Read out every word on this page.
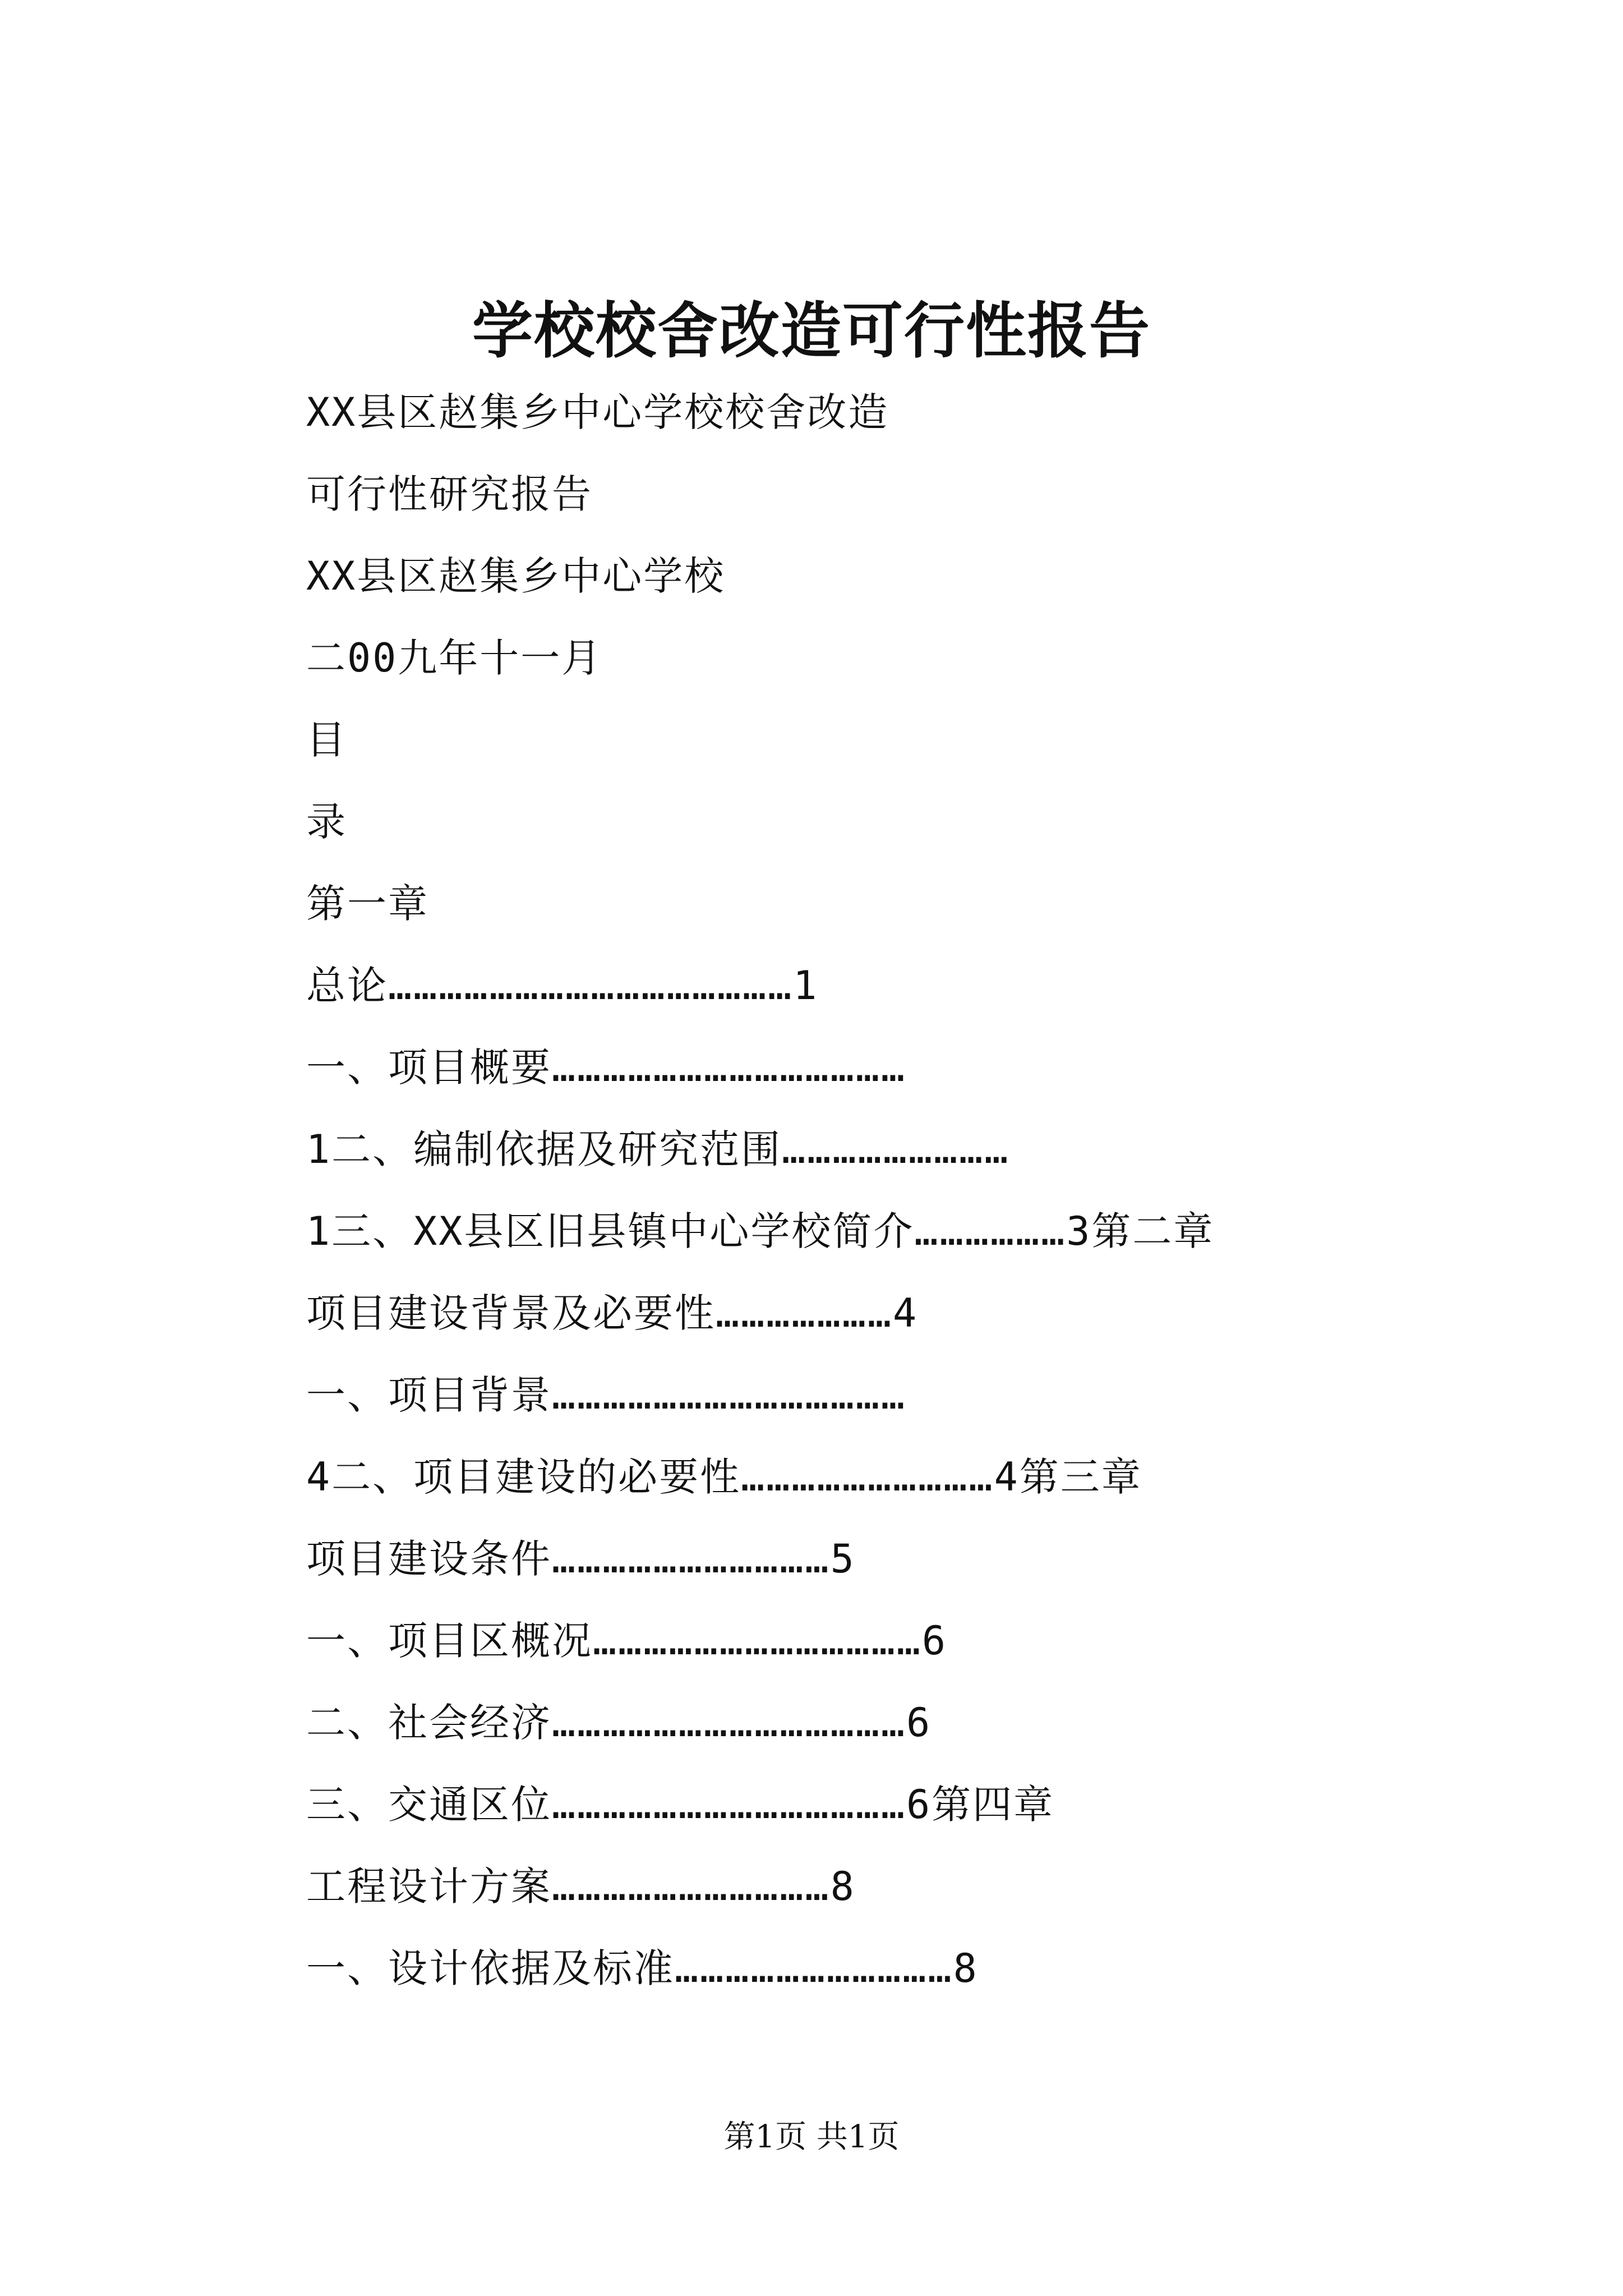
学校校舍改造可行性报告
XX县区赵集乡中心学校校舍改造
可行性研究报告
XX县区赵集乡中心学校
二00九年十一月
目
录
第一章
总论…………………………………………1
一、项目概要……………………………………
1二、编制依据及研究范围………………………
1三、XX县区旧县镇中心学校简介………………3第二章
项目建设背景及必要性…………………4
一、项目背景……………………………………
4二、项目建设的必要性…………………………4第三章
项目建设条件……………………………5
一、项目区概况…………………………………6
二、社会经济……………………………………6
三、交通区位……………………………………6第四章
工程设计方案……………………………8
一、设计依据及标准……………………………8
第1页 共1页
